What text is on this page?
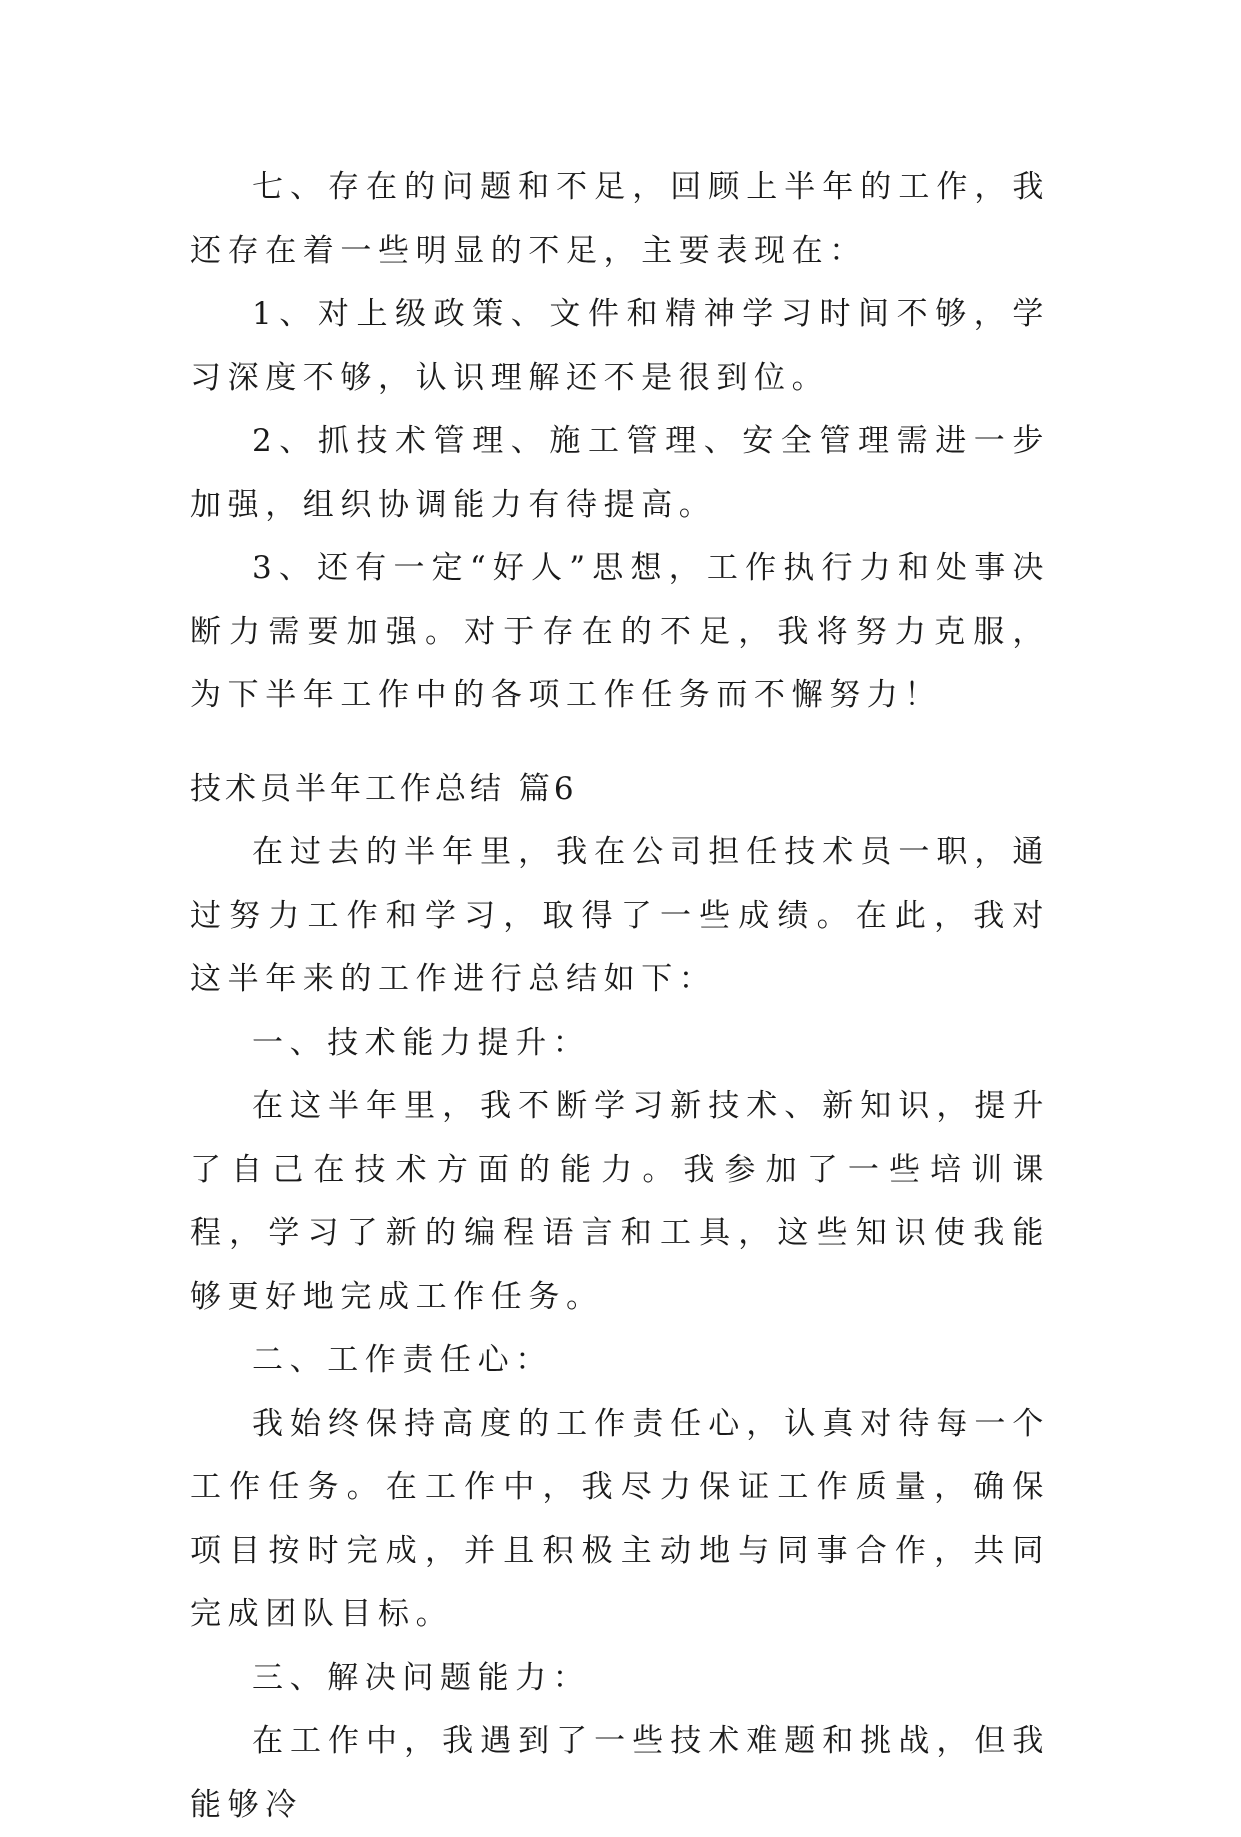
七、存在的问题和不足，回顾上半年的工作，我还存在着一些明显的不足，主要表现在：

1、对上级政策、文件和精神学习时间不够，学习深度不够，认识理解还不是很到位。

2、抓技术管理、施工管理、安全管理需进一步加强，组织协调能力有待提高。

3、还有一定“好人”思想，工作执行力和处事决断力需要加强。对于存在的不足，我将努力克服，为下半年工作中的各项工作任务而不懈努力！

技术员半年工作总结 篇6

在过去的半年里，我在公司担任技术员一职，通过努力工作和学习，取得了一些成绩。在此，我对这半年来的工作进行总结如下：

一、技术能力提升：

在这半年里，我不断学习新技术、新知识，提升了自己在技术方面的能力。我参加了一些培训课程，学习了新的编程语言和工具，这些知识使我能够更好地完成工作任务。

二、工作责任心：

我始终保持高度的工作责任心，认真对待每一个工作任务。在工作中，我尽力保证工作质量，确保项目按时完成，并且积极主动地与同事合作，共同完成团队目标。

三、解决问题能力：

在工作中，我遇到了一些技术难题和挑战，但我能够冷
